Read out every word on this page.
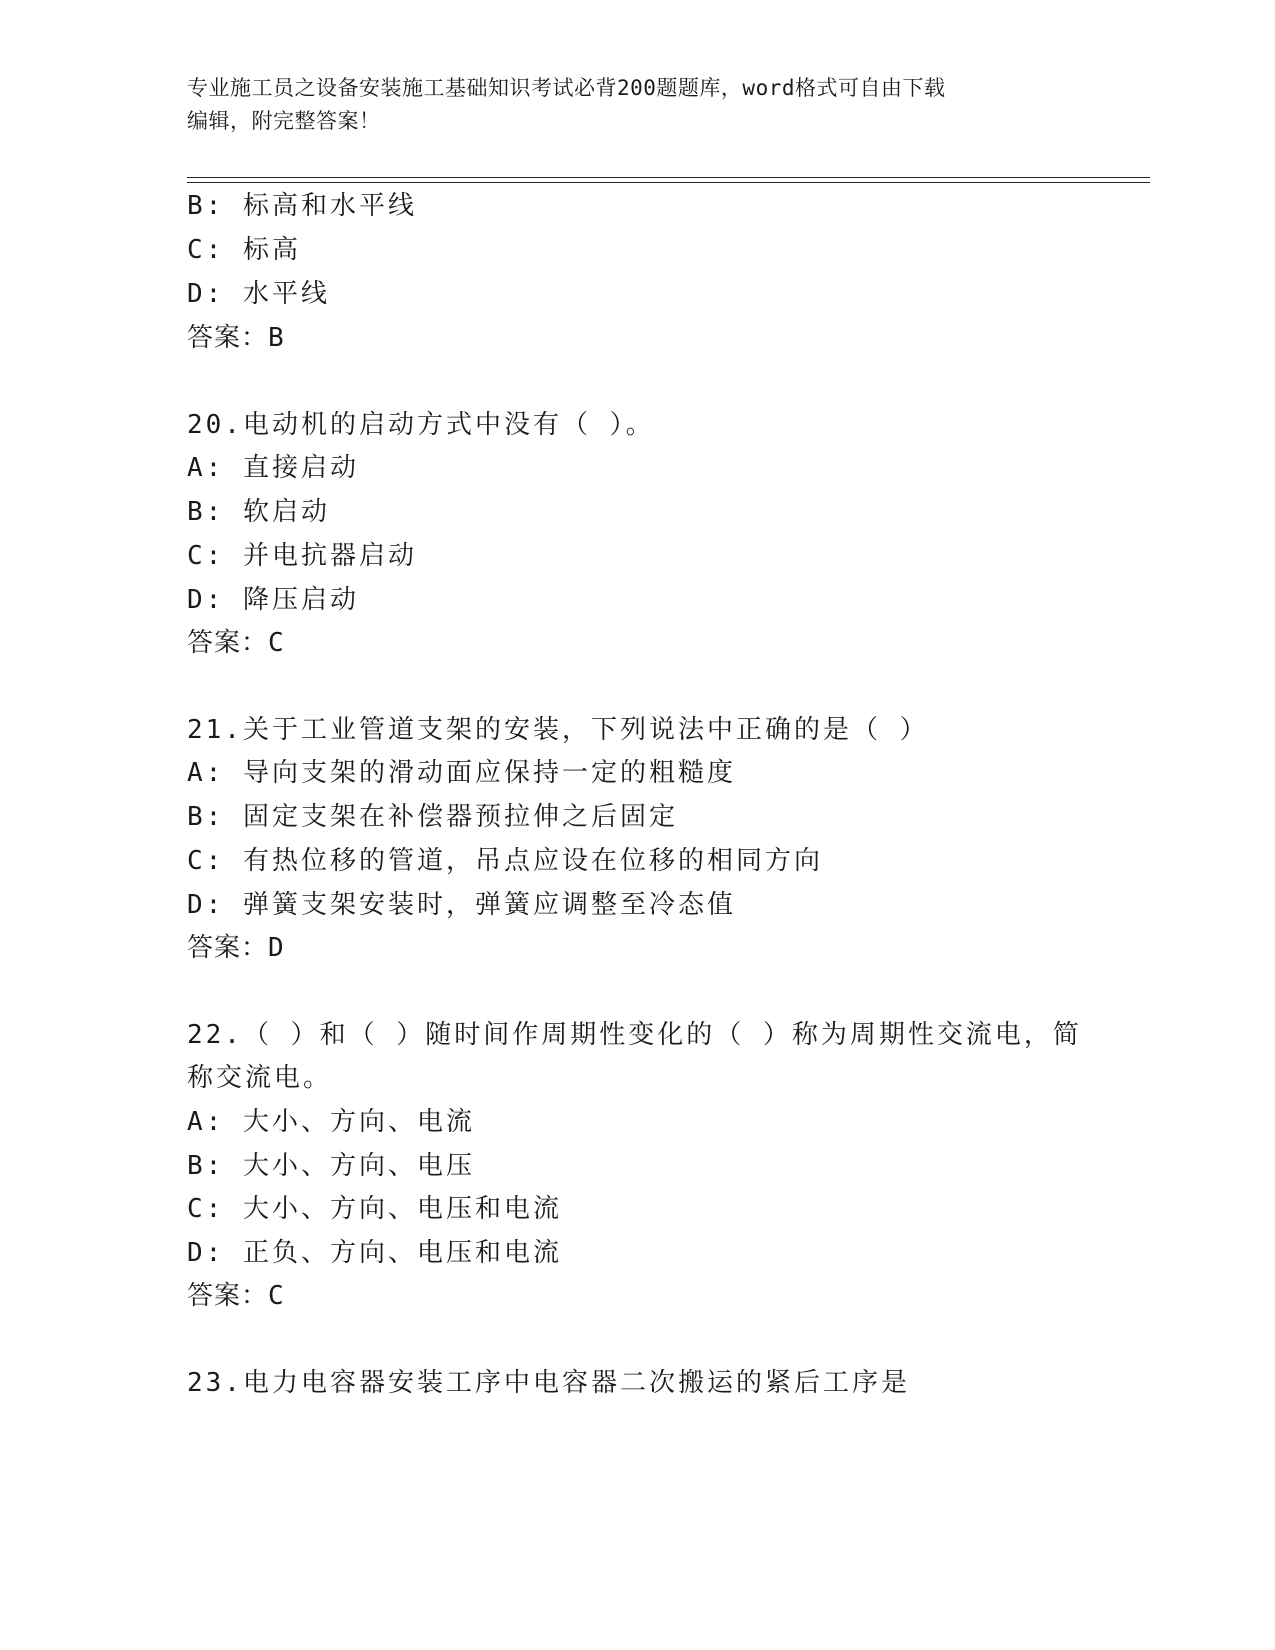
专业施工员之设备安装施工基础知识考试必背200题题库，word格式可自由下载
编辑，附完整答案！
B: 标高和水平线
C: 标高
D: 水平线
答案：B
20.电动机的启动方式中没有（ ）。
A: 直接启动
B: 软启动
C: 并电抗器启动
D: 降压启动
答案：C
21.关于工业管道支架的安装，下列说法中正确的是（ ）
A: 导向支架的滑动面应保持一定的粗糙度
B: 固定支架在补偿器预拉伸之后固定
C: 有热位移的管道，吊点应设在位移的相同方向
D: 弹簧支架安装时，弹簧应调整至冷态值
答案：D
22.（ ）和（ ）随时间作周期性变化的（ ）称为周期性交流电，简
称交流电。
A: 大小、方向、电流
B: 大小、方向、电压
C: 大小、方向、电压和电流
D: 正负、方向、电压和电流
答案：C
23.电力电容器安装工序中电容器二次搬运的紧后工序是
